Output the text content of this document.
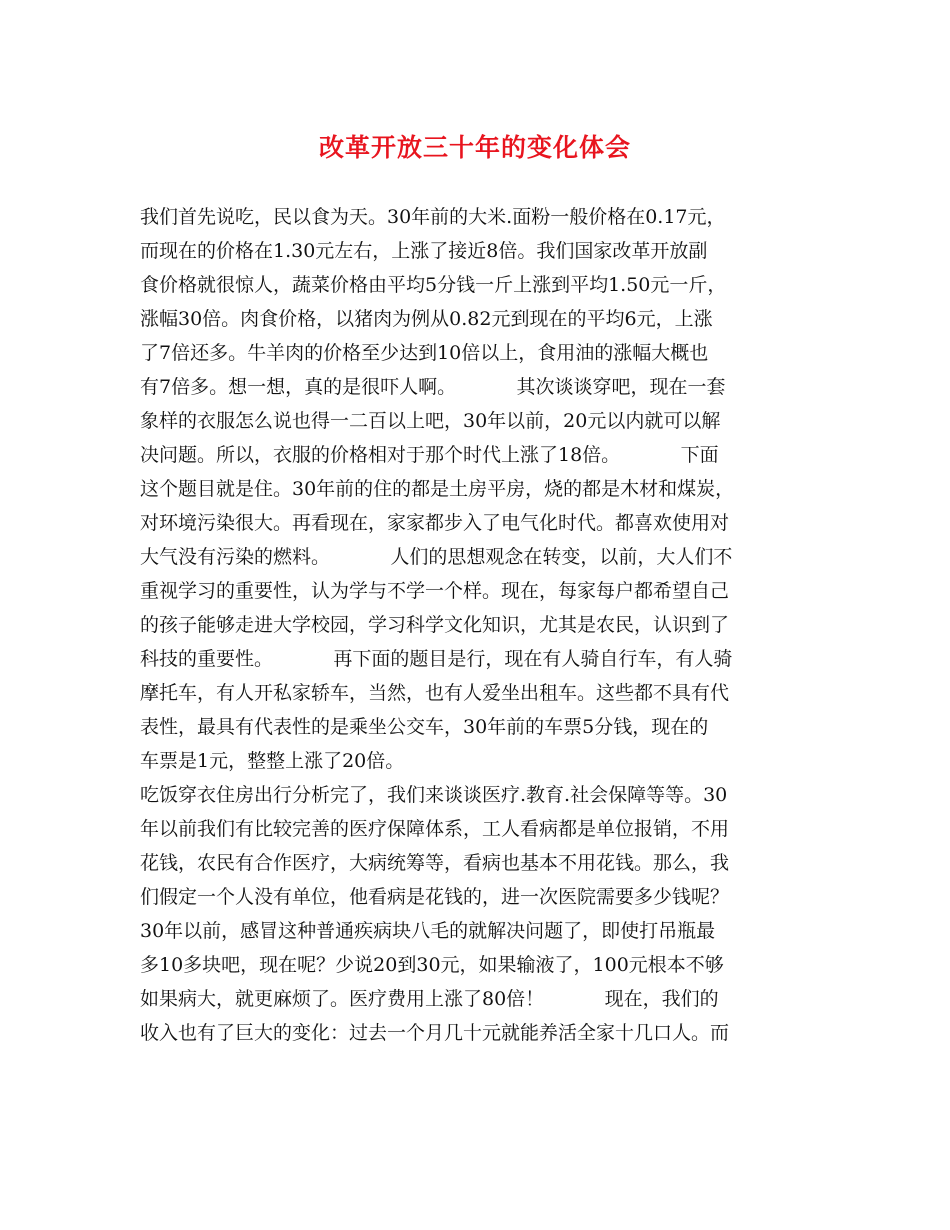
改革开放三十年的变化体会
我们首先说吃，民以食为天。30年前的大米.面粉一般价格在0.17元，
而现在的价格在1.30元左右，上涨了接近8倍。我们国家改革开放副
食价格就很惊人，蔬菜价格由平均5分钱一斤上涨到平均1.50元一斤，
涨幅30倍。肉食价格，以猪肉为例从0.82元到现在的平均6元，上涨
了7倍还多。牛羊肉的价格至少达到10倍以上，食用油的涨幅大概也
有7倍多。想一想，真的是很吓人啊。          其次谈谈穿吧，现在一套
象样的衣服怎么说也得一二百以上吧，30年以前，20元以内就可以解
决问题。所以，衣服的价格相对于那个时代上涨了18倍。          下面
这个题目就是住。30年前的住的都是土房平房，烧的都是木材和煤炭，
对环境污染很大。再看现在，家家都步入了电气化时代。都喜欢使用对
大气没有污染的燃料。          人们的思想观念在转变，以前，大人们不
重视学习的重要性，认为学与不学一个样。现在，每家每户都希望自己
的孩子能够走进大学校园，学习科学文化知识，尤其是农民，认识到了
科技的重要性。          再下面的题目是行，现在有人骑自行车，有人骑
摩托车，有人开私家轿车，当然，也有人爱坐出租车。这些都不具有代
表性，最具有代表性的是乘坐公交车，30年前的车票5分钱，现在的
车票是1元，整整上涨了20倍。
吃饭穿衣住房出行分析完了，我们来谈谈医疗.教育.社会保障等等。30
年以前我们有比较完善的医疗保障体系，工人看病都是单位报销，不用
花钱，农民有合作医疗，大病统筹等，看病也基本不用花钱。那么，我
们假定一个人没有单位，他看病是花钱的，进一次医院需要多少钱呢？
30年以前，感冒这种普通疾病块八毛的就解决问题了，即使打吊瓶最
多10多块吧，现在呢？少说20到30元，如果输液了，100元根本不够
如果病大，就更麻烦了。医疗费用上涨了80倍！          现在，我们的
收入也有了巨大的变化：过去一个月几十元就能养活全家十几口人。而
